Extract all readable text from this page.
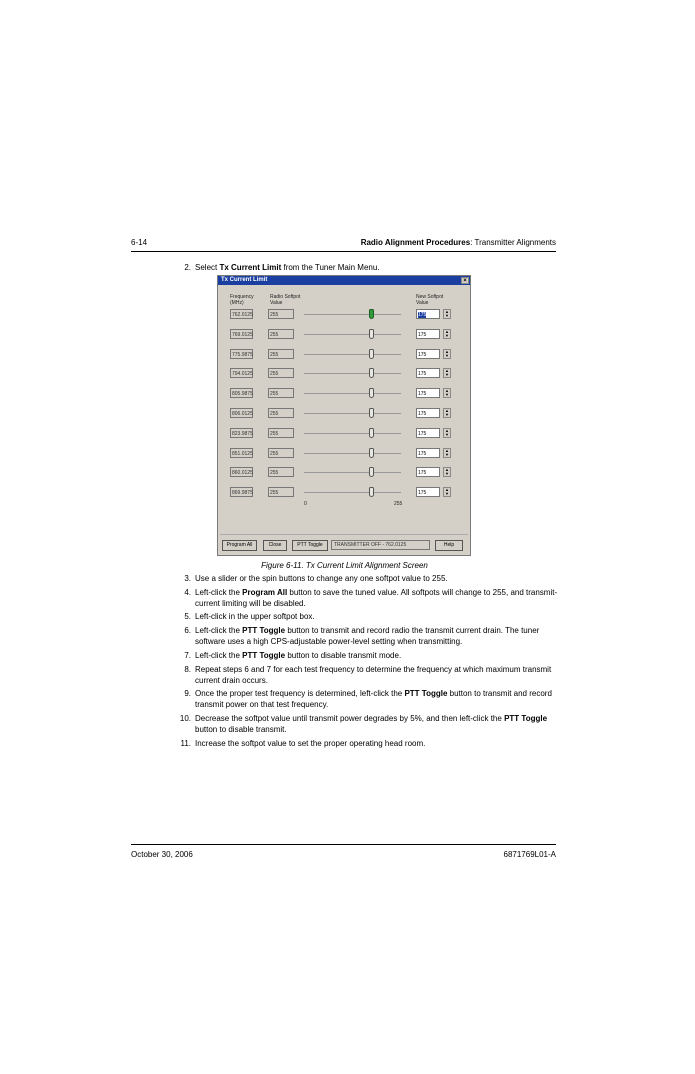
6-14	Radio Alignment Procedures: Transmitter Alignments
2. Select Tx Current Limit from the Tuner Main Menu.
Tx Current Limit	×
Frequency
(MHz)
Radio Softpot
Value
New Softpot
Value
762.0125	255	175
▲
▼
769.0125	255	175
▲
▼
775.9875	255	175
▲
▼
794.0125	255	175
▲
▼
805.9875	255	175
▲
▼
806.0125	255	175
▲
▼
823.9875	255	175
▲
▼
851.0125	255	175
▲
▼
860.0125	255	175
▲
▼
869.9875	255	175
▲
▼
0	255
Program All	Close	PTT Toggle	TRANSMITTER OFF - 762.0125	Help
Figure 6-11. Tx Current Limit Alignment Screen
3. Use a slider or the spin buttons to change any one softpot value to 255.
4. Left-click the Program All button to save the tuned value. All softpots will change to 255, and transmit-current limiting will be disabled.
5. Left-click in the upper softpot box.
6. Left-click the PTT Toggle button to transmit and record radio the transmit current drain. The tuner software uses a high CPS-adjustable power-level setting when transmitting.
7. Left-click the PTT Toggle button to disable transmit mode.
8. Repeat steps 6 and 7 for each test frequency to determine the frequency at which maximum transmit current drain occurs.
9. Once the proper test frequency is determined, left-click the PTT Toggle button to transmit and record transmit power on that test frequency.
10. Decrease the softpot value until transmit power degrades by 5%, and then left-click the PTT Toggle button to disable transmit.
11. Increase the softpot value to set the proper operating head room.
October 30, 2006	6871769L01-A
